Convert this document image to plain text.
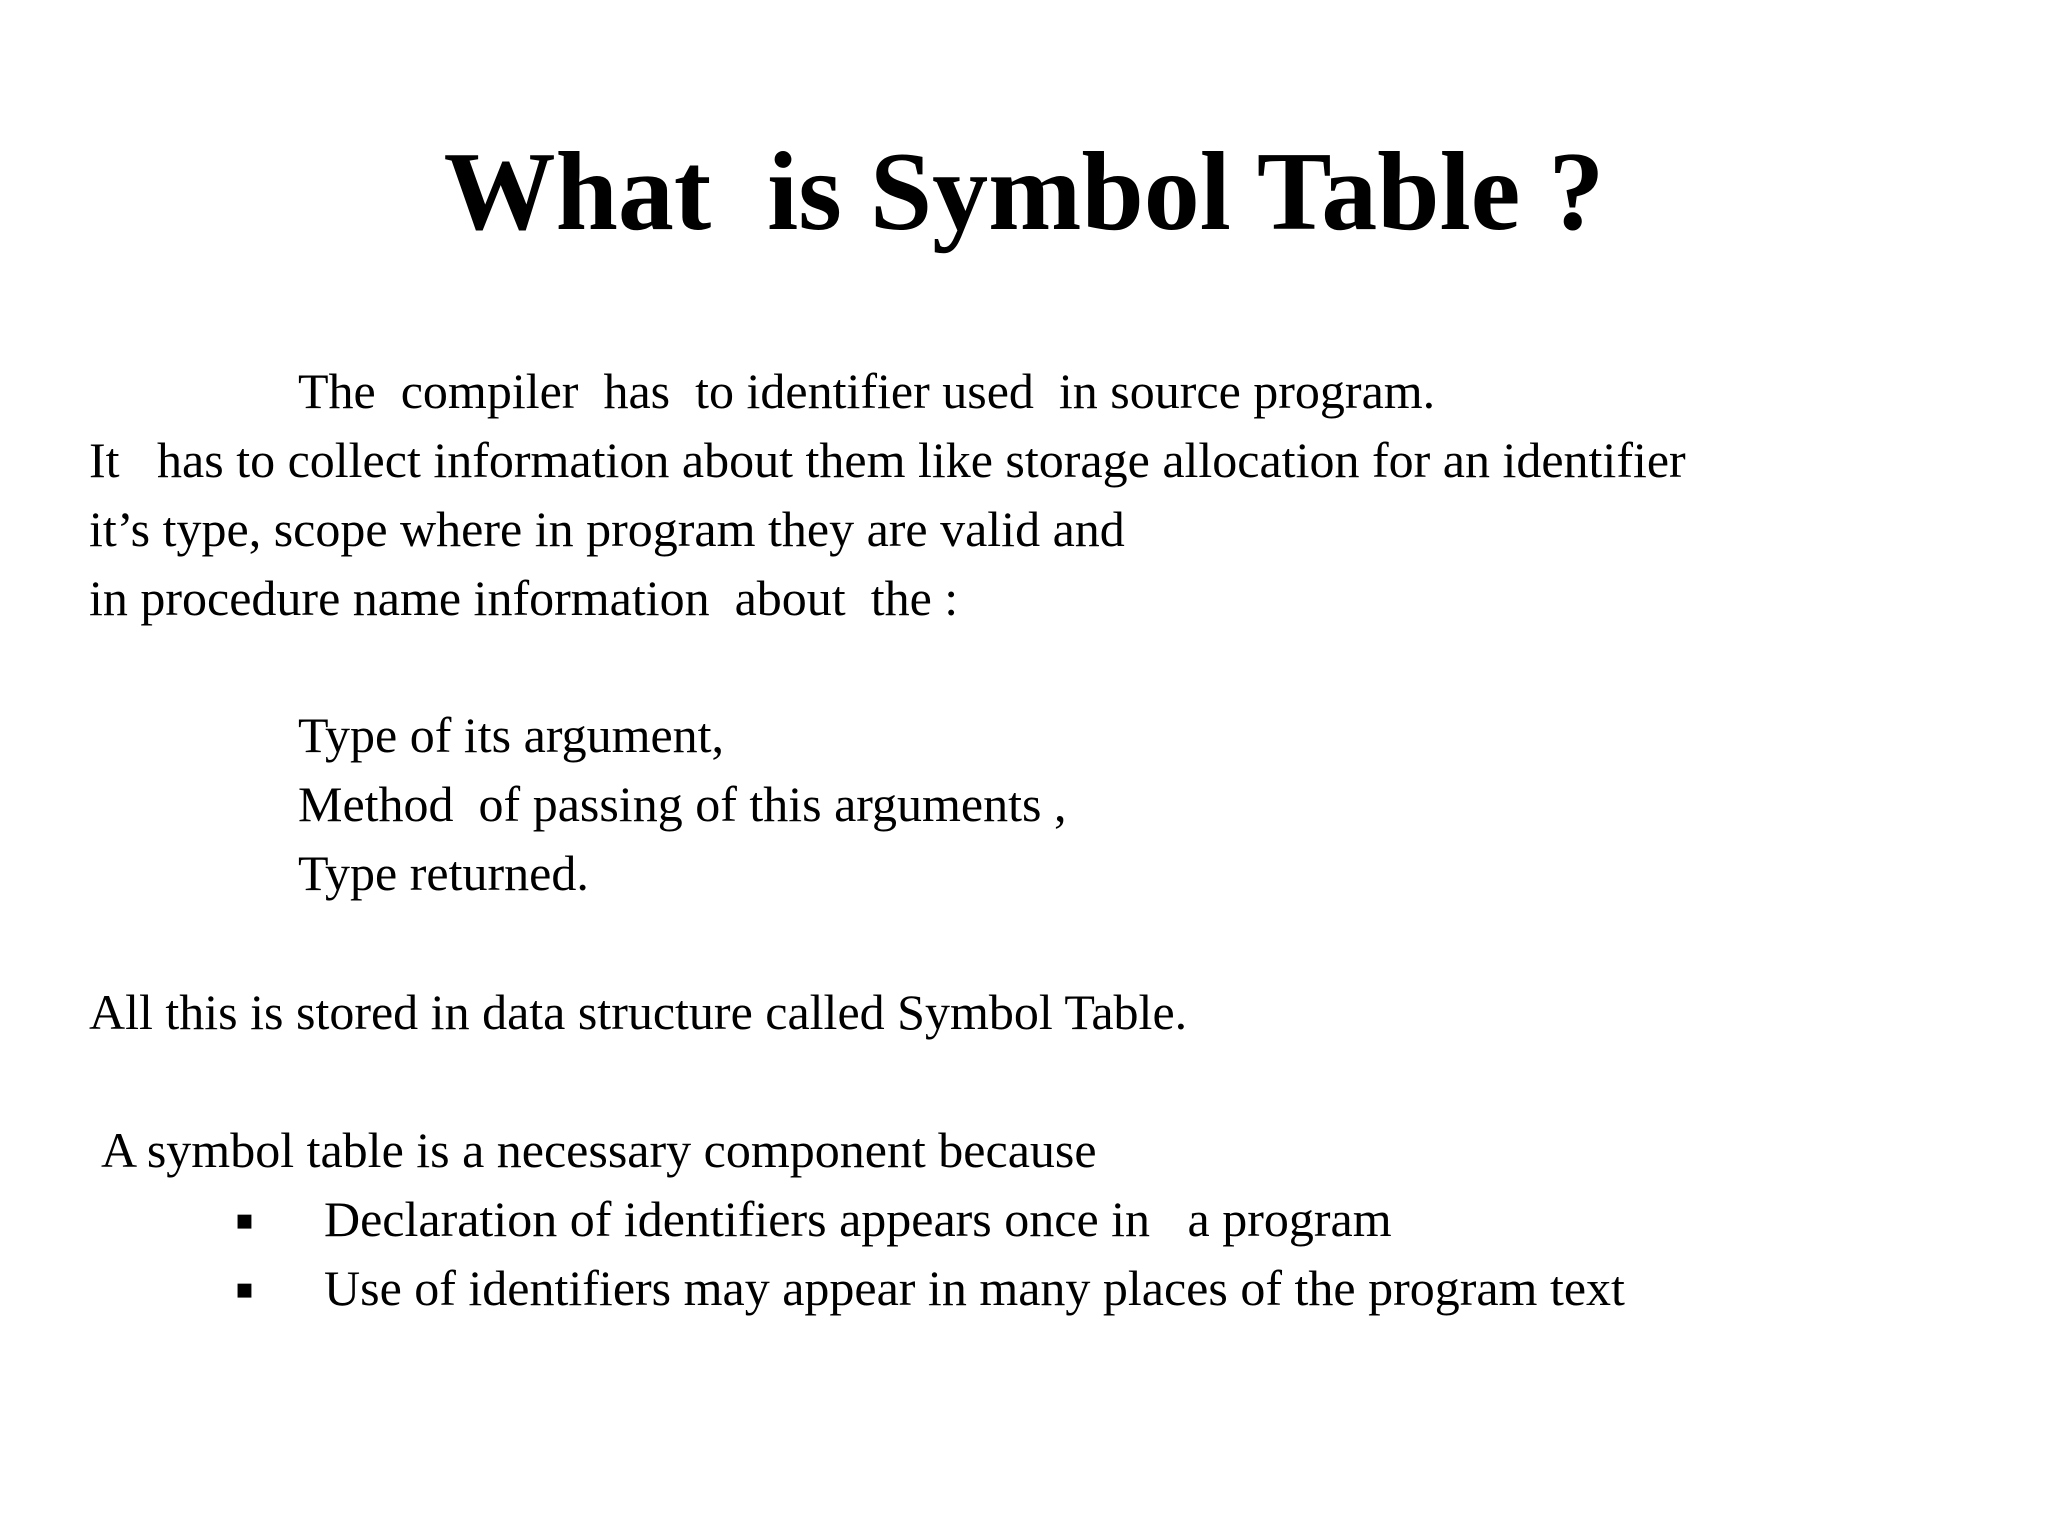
What  is Symbol Table ?
The  compiler  has  to identifier used  in source program.
It   has to collect information about them like storage allocation for an identifier
it’s type, scope where in program they are valid and
in procedure name information  about  the :
Type of its argument,
Method  of passing of this arguments ,
Type returned.
All this is stored in data structure called Symbol Table.
A symbol table is a necessary component because
▪ Declaration of identifiers appears once in   a program
▪ Use of identifiers may appear in many places of the program text
